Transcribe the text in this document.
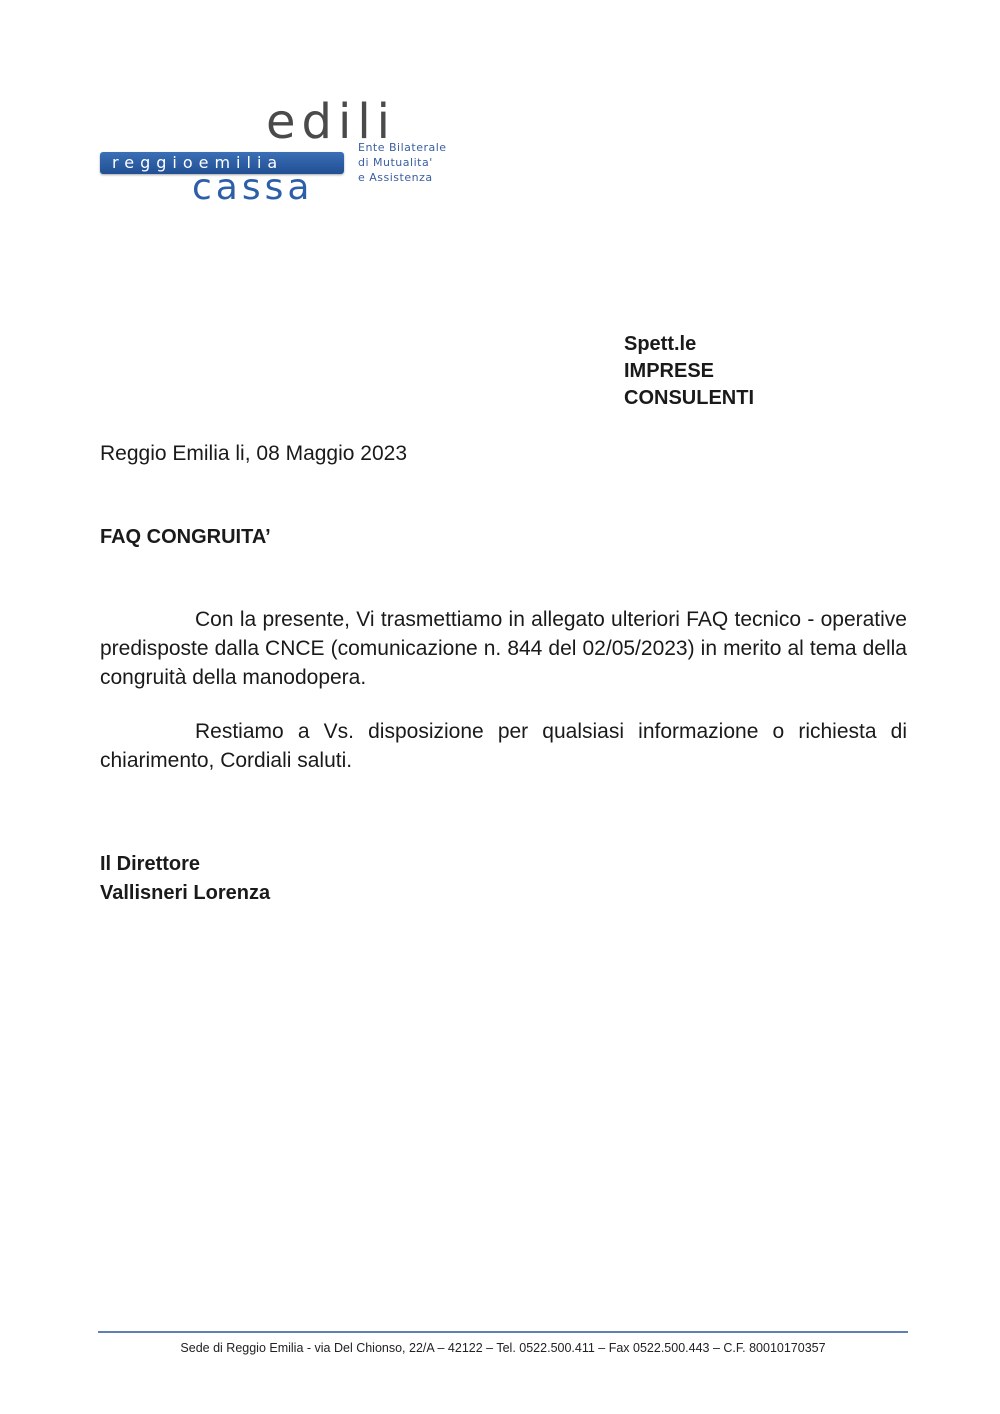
edili
reggioemilia
cassa
Ente Bilaterale
di Mutualita'
e Assistenza
Spett.le
IMPRESE
CONSULENTI
Reggio Emilia li, 08 Maggio 2023
FAQ CONGRUITA’

Con la presente, Vi trasmettiamo in allegato ulteriori FAQ tecnico - operative predisposte dalla CNCE (comunicazione n. 844 del 02/05/2023) in merito al tema della congruità della manodopera.

Restiamo a Vs. disposizione per qualsiasi informazione o richiesta di chiarimento, Cordiali saluti.

Il Direttore
Vallisneri Lorenza
Sede di Reggio Emilia - via Del Chionso, 22/A – 42122 – Tel. 0522.500.411 – Fax 0522.500.443 – C.F. 80010170357
